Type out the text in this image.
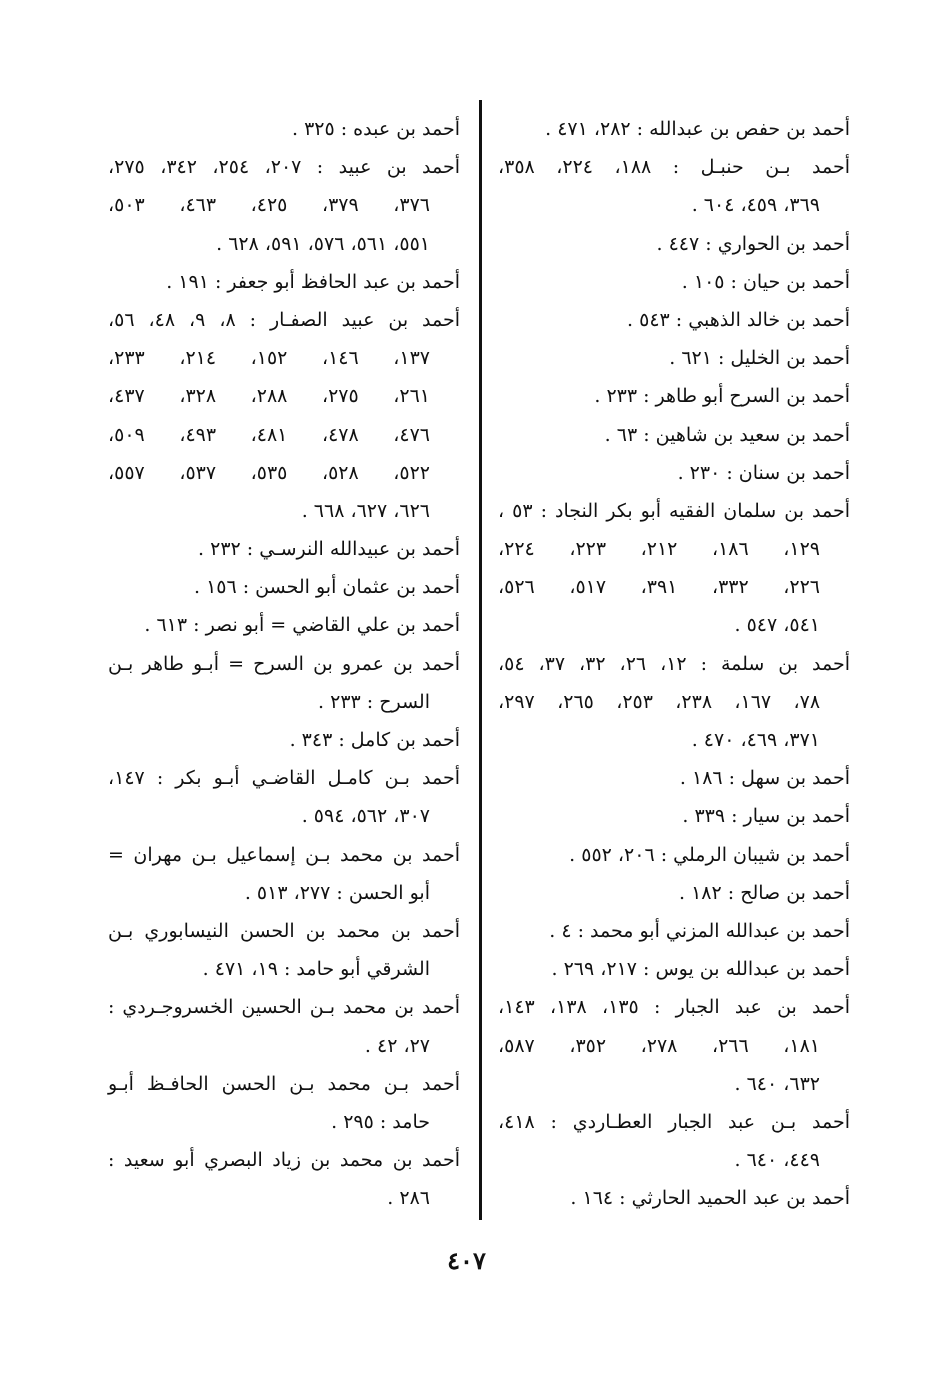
أحمد بن حفص بن عبدالله : ٢٨٢، ٤٧١ .
أحمد بـن حنبـل : ١٨٨، ٢٢٤، ٣٥٨،
٣٦٩، ٤٥٩، ٦٠٤ .
أحمد بن الحواري : ٤٤٧ .
أحمد بن حيان : ١٠٥ .
أحمد بن خالد الذهبي : ٥٤٣ .
أحمد بن الخليل : ٦٢١ .
أحمد بن السرح أبو طاهر : ٢٣٣ .
أحمد بن سعيد بن شاهين : ٦٣ .
أحمد بن سنان : ٢٣٠ .
أحمد بن سلمان الفقيه أبو بكر النجاد : ٥٣ ،
١٢٩، ١٨٦، ٢١٢، ٢٢٣، ٢٢٤،
٢٢٦، ٣٣٢، ٣٩١، ٥١٧، ٥٢٦،
٥٤١، ٥٤٧ .
أحمد بن سلمة : ١٢، ٢٦، ٣٢، ٣٧، ٥٤،
٧٨، ١٦٧، ٢٣٨، ٢٥٣، ٢٦٥، ٢٩٧،
٣٧١، ٤٦٩، ٤٧٠ .
أحمد بن سهل : ١٨٦ .
أحمد بن سيار : ٣٣٩ .
أحمد بن شيبان الرملي : ٢٠٦، ٥٥٢ .
أحمد بن صالح : ١٨٢ .
أحمد بن عبدالله المزني أبو محمد : ٤ .
أحمد بن عبدالله بن يوس : ٢١٧، ٢٦٩ .
أحمد بن عبد الجبار : ١٣٥، ١٣٨، ١٤٣،
١٨١، ٢٦٦، ٢٧٨، ٣٥٢، ٥٨٧،
٦٣٢، ٦٤٠ .
أحمد بـن عبد الجبار العطـاردي : ٤١٨،
٤٤٩، ٦٤٠ .
أحمد بن عبد الحميد الحارثي : ١٦٤ .
أحمد بن عبده : ٣٢٥ .
أحمد بن عبيد : ٢٠٧، ٢٥٤، ٣٤٢، ٢٧٥،
٣٧٦، ٣٧٩، ٤٢٥، ٤٦٣، ٥٠٣،
٥٥١، ٥٦١، ٥٧٦، ٥٩١، ٦٢٨ .
أحمد بن عبد الحافظ أبو جعفر : ١٩١ .
أحمد بن عبيد الصفـار : ٨، ٩، ٤٨، ٥٦،
١٣٧، ١٤٦، ١٥٢، ٢١٤، ٢٣٣،
٢٦١، ٢٧٥، ٢٨٨، ٣٢٨، ٤٣٧،
٤٧٦، ٤٧٨، ٤٨١، ٤٩٣، ٥٠٩،
٥٢٢، ٥٢٨، ٥٣٥، ٥٣٧، ٥٥٧،
٦٢٦، ٦٢٧، ٦٦٨ .
أحمد بن عبيدالله النرسـي : ٢٣٢ .
أحمد بن عثمان أبو الحسن : ١٥٦ .
أحمد بن علي القاضي = أبو نصر : ٦١٣ .
أحمد بن عمرو بن السرح = أبـو طاهر بـن
السرح : ٢٣٣ .
أحمد بن كامل : ٣٤٣ .
أحمد بـن كامـل القاضـي أبـو بكر : ١٤٧،
٣٠٧، ٥٦٢، ٥٩٤ .
أحمد بن محمد بـن إسماعيل بـن مهران =
أبو الحسن : ٢٧٧، ٥١٣ .
أحمد بن محمد بن الحسن النيسابوري بـن
الشرقي أبو حامد : ١٩، ٤٧١ .
أحمد بن محمد بـن الحسين الخسروجـردي :
٢٧، ٤٢ .
أحمد بـن محمد بـن الحسن الحافـظ أبـو
حامد : ٢٩٥ .
أحمد بن محمد بن زياد البصري أبو سعيد :
٢٨٦ .
٤٠٧
